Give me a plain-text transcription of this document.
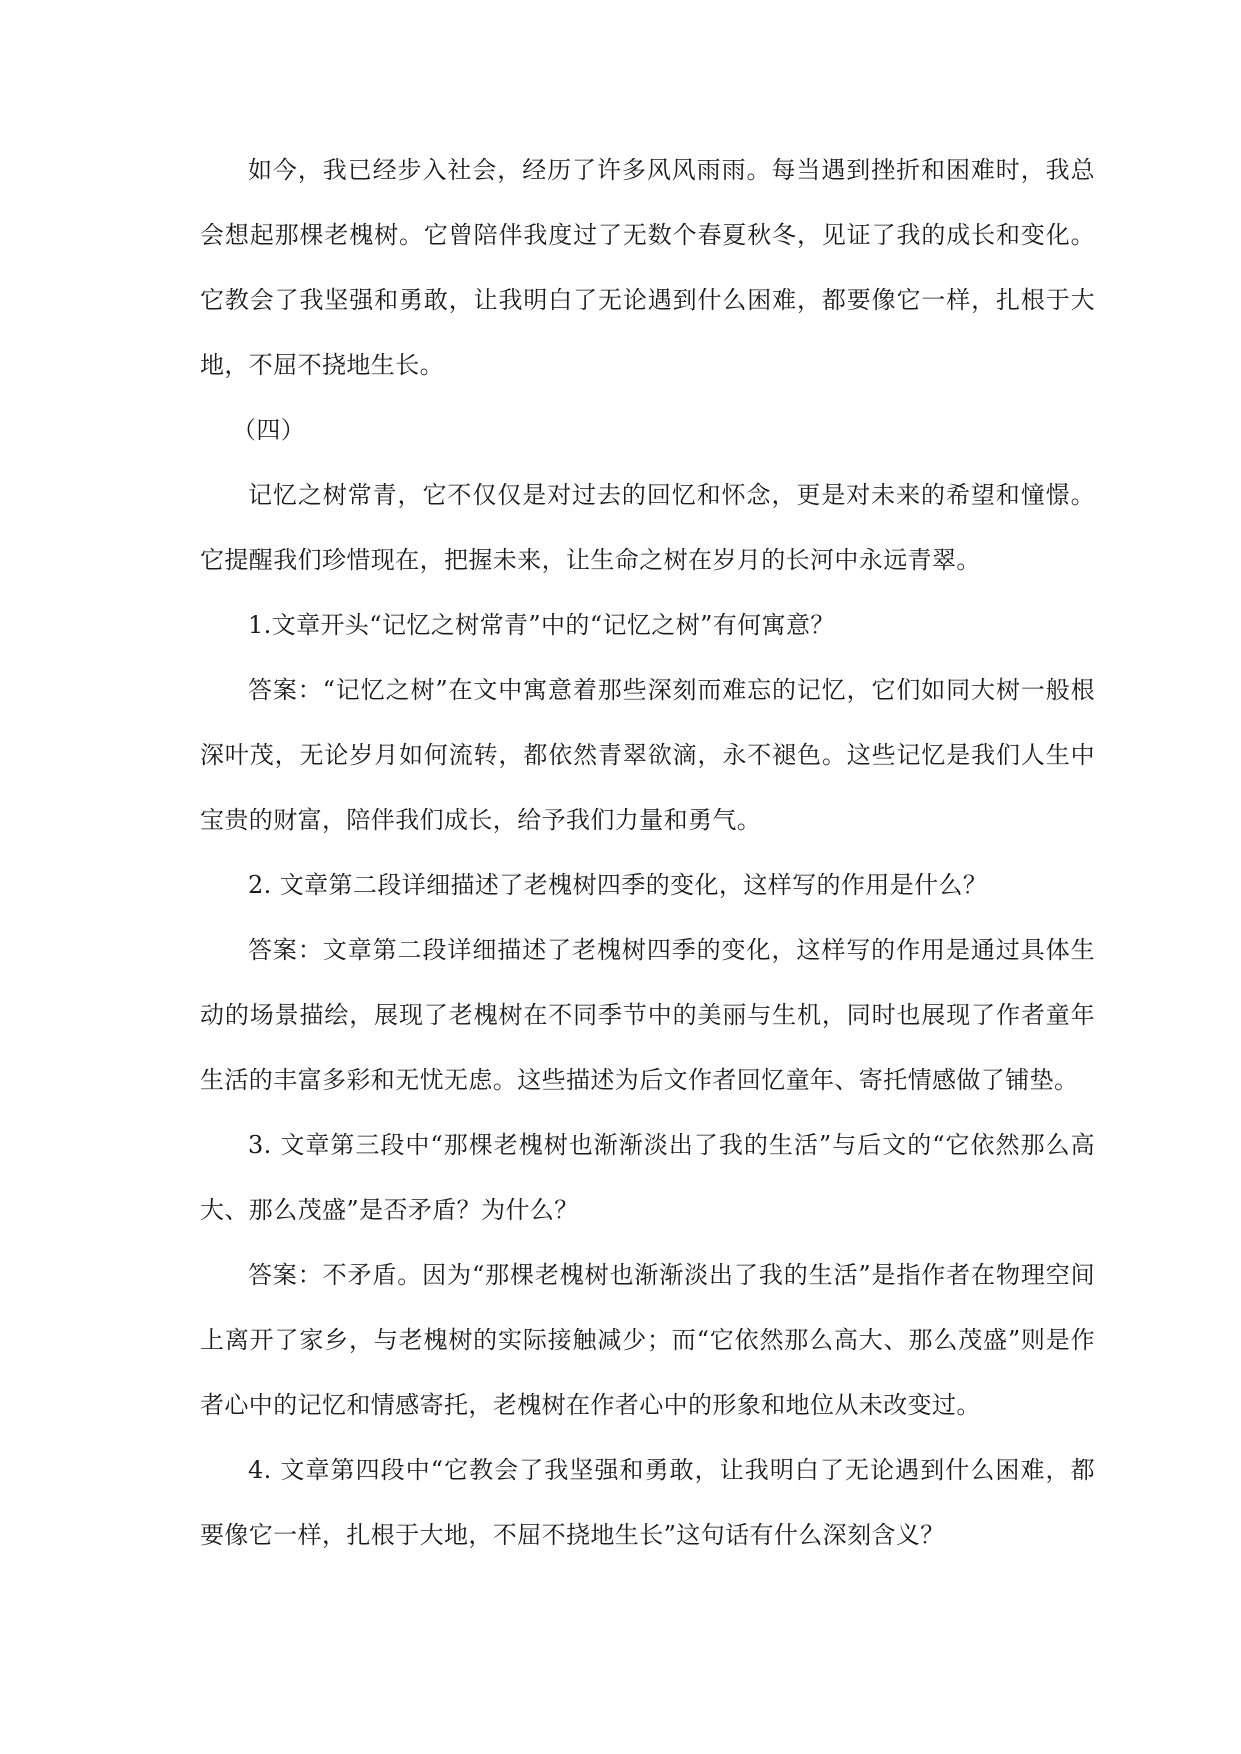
如今，我已经步入社会，经历了许多风风雨雨。每当遇到挫折和困难时，我总会想起那棵老槐树。它曾陪伴我度过了无数个春夏秋冬，见证了我的成长和变化。它教会了我坚强和勇敢，让我明白了无论遇到什么困难，都要像它一样，扎根于大地，不屈不挠地生长。

（四）

记忆之树常青，它不仅仅是对过去的回忆和怀念，更是对未来的希望和憧憬。它提醒我们珍惜现在，把握未来，让生命之树在岁月的长河中永远青翠。

1.文章开头“记忆之树常青”中的“记忆之树”有何寓意？

答案：“记忆之树”在文中寓意着那些深刻而难忘的记忆，它们如同大树一般根深叶茂，无论岁月如何流转，都依然青翠欲滴，永不褪色。这些记忆是我们人生中宝贵的财富，陪伴我们成长，给予我们力量和勇气。

2. 文章第二段详细描述了老槐树四季的变化，这样写的作用是什么？

答案：文章第二段详细描述了老槐树四季的变化，这样写的作用是通过具体生动的场景描绘，展现了老槐树在不同季节中的美丽与生机，同时也展现了作者童年生活的丰富多彩和无忧无虑。这些描述为后文作者回忆童年、寄托情感做了铺垫。

3. 文章第三段中“那棵老槐树也渐渐淡出了我的生活”与后文的“它依然那么高大、那么茂盛”是否矛盾？为什么？

答案：不矛盾。因为“那棵老槐树也渐渐淡出了我的生活”是指作者在物理空间上离开了家乡，与老槐树的实际接触减少；而“它依然那么高大、那么茂盛”则是作者心中的记忆和情感寄托，老槐树在作者心中的形象和地位从未改变过。

4. 文章第四段中“它教会了我坚强和勇敢，让我明白了无论遇到什么困难，都要像它一样，扎根于大地，不屈不挠地生长”这句话有什么深刻含义？
